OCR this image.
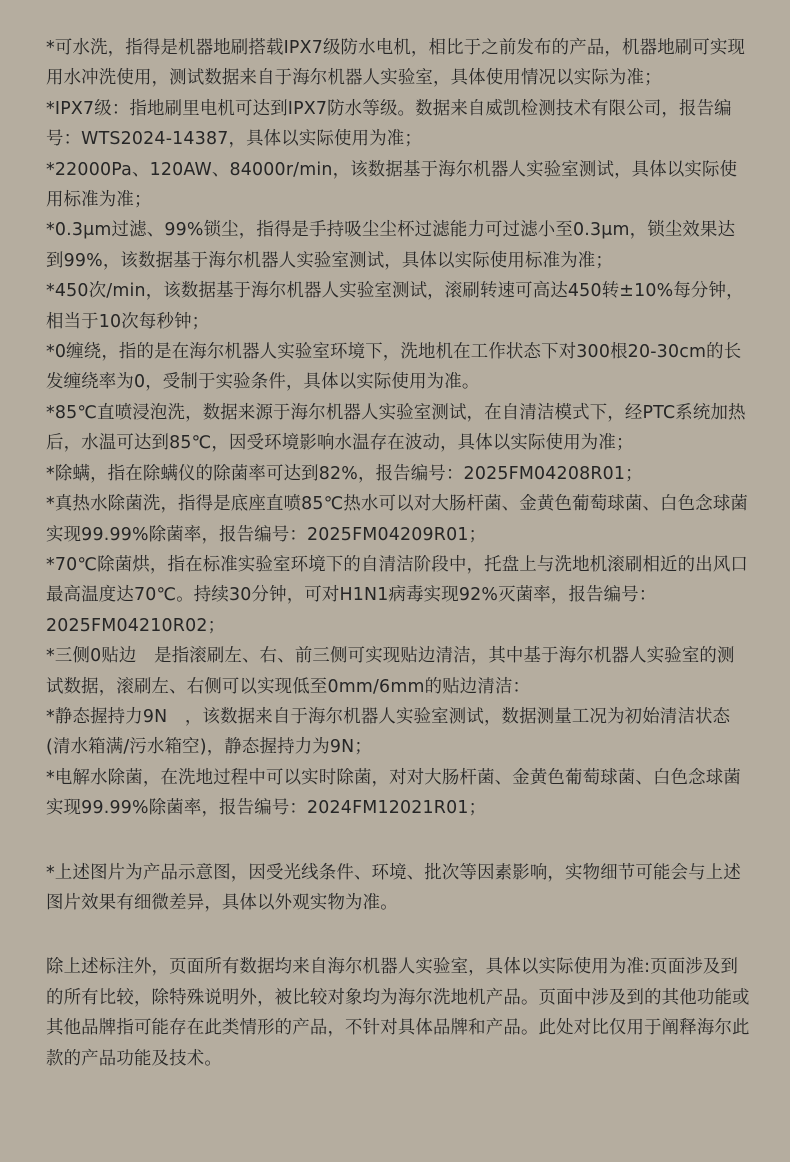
*可水洗，指得是机器地刷搭载IPX7级防水电机，相比于之前发布的产品，机器地刷可实现用水冲洗使用，测试数据来自于海尔机器人实验室，具体使用情况以实际为准；

*IPX7级：指地刷里电机可达到IPX7防水等级。数据来自威凯检测技术有限公司，报告编号：WTS2024-14387，具体以实际使用为准；

*22000Pa、120AW、84000r/min，该数据基于海尔机器人实验室测试，具体以实际使用标准为准；

*0.3μm过滤、99%锁尘，指得是手持吸尘尘杯过滤能力可过滤小至0.3μm，锁尘效果达到99%，该数据基于海尔机器人实验室测试，具体以实际使用标准为准；

*450次/min，该数据基于海尔机器人实验室测试，滚刷转速可高达450转±10%每分钟，相当于10次每秒钟；

*0缠绕，指的是在海尔机器人实验室环境下，洗地机在工作状态下对300根20-30cm的长发缠绕率为0，受制于实验条件，具体以实际使用为准。

*85℃直喷浸泡洗，数据来源于海尔机器人实验室测试，在自清洁模式下，经PTC系统加热后，水温可达到85℃，因受环境影响水温存在波动，具体以实际使用为准；

*除螨，指在除螨仪的除菌率可达到82%，报告编号：2025FM04208R01；

*真热水除菌洗，指得是底座直喷85℃热水可以对大肠杆菌、金黄色葡萄球菌、白色念球菌实现99.99%除菌率，报告编号：2025FM04209R01；

*70℃除菌烘，指在标准实验室环境下的自清洁阶段中，托盘上与洗地机滚刷相近的出风口最高温度达70℃。持续30分钟，可对H1N1病毒实现92%灭菌率，报告编号：2025FM04210R02；

*三侧0贴边　是指滚刷左、右、前三侧可实现贴边清洁，其中基于海尔机器人实验室的测试数据，滚刷左、右侧可以实现低至0mm/6mm的贴边清洁：

*静态握持力9N　，该数据来自于海尔机器人实验室测试，数据测量工况为初始清洁状态(清水箱满/污水箱空)，静态握持力为9N；

*电解水除菌，在洗地过程中可以实时除菌，对对大肠杆菌、金黄色葡萄球菌、白色念球菌实现99.99%除菌率，报告编号：2024FM12021R01；

*上述图片为产品示意图，因受光线条件、环境、批次等因素影响，实物细节可能会与上述图片效果有细微差异，具体以外观实物为准。

除上述标注外，页面所有数据均来自海尔机器人实验室，具体以实际使用为准:页面涉及到的所有比较，除特殊说明外，被比较对象均为海尔洗地机产品。页面中涉及到的其他功能或其他品牌指可能存在此类情形的产品，不针对具体品牌和产品。此处对比仅用于阐释海尔此款的产品功能及技术。
